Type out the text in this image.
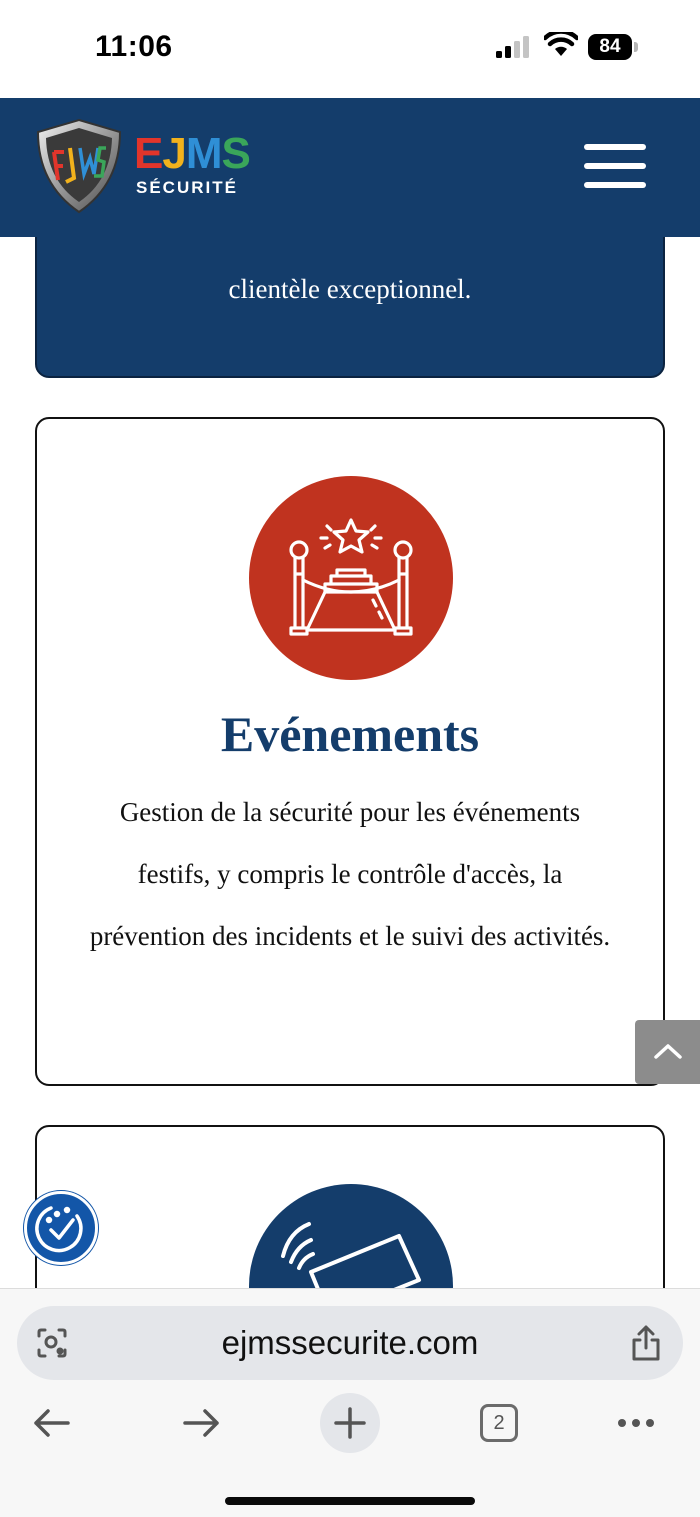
clientèle exceptionnel.
Evénements
Gestion de la sécurité pour les événements festifs, y compris le contrôle d'accès, la prévention des incidents et le suivi des activités.
11:06	84
EJMS
SÉCURITÉ
ejmssecurite.com
2
